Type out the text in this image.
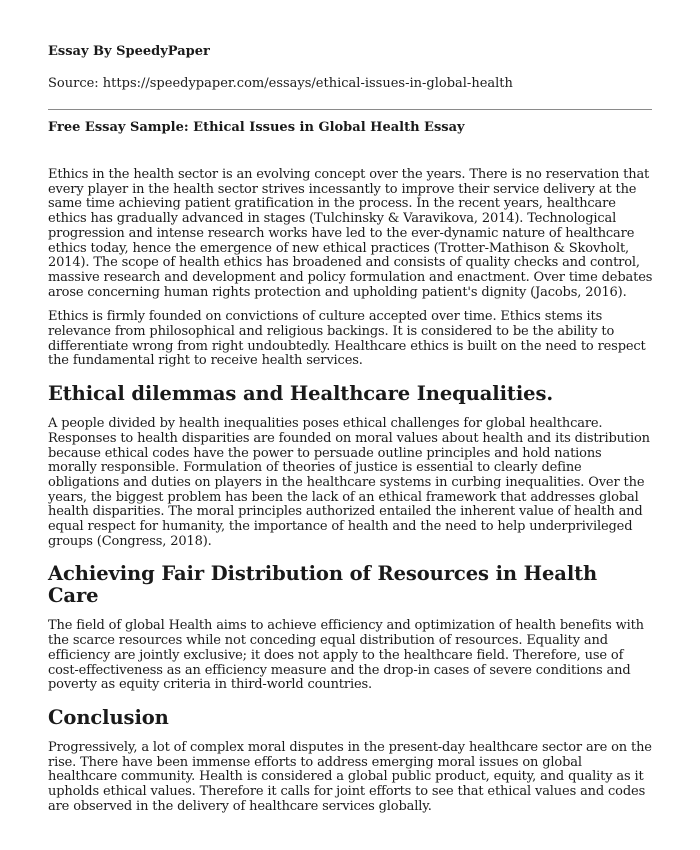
Essay By SpeedyPaper
Source: https://speedypaper.com/essays/ethical-issues-in-global-health
Free Essay Sample: Ethical Issues in Global Health Essay

Ethics in the health sector is an evolving concept over the years. There is no reservation that every player in the health sector strives incessantly to improve their service delivery at the same time achieving patient gratification in the process. In the recent years, healthcare ethics has gradually advanced in stages (Tulchinsky & Varavikova, 2014). Technological progression and intense research works have led to the ever-dynamic nature of healthcare ethics today, hence the emergence of new ethical practices (Trotter-Mathison & Skovholt, 2014). The scope of health ethics has broadened and consists of quality checks and control, massive research and development and policy formulation and enactment. Over time debates arose concerning human rights protection and upholding patient's dignity (Jacobs, 2016).

Ethics is firmly founded on convictions of culture accepted over time. Ethics stems its relevance from philosophical and religious backings. It is considered to be the ability to differentiate wrong from right undoubtedly. Healthcare ethics is built on the need to respect the fundamental right to receive health services.

Ethical dilemmas and Healthcare Inequalities.

A people divided by health inequalities poses ethical challenges for global healthcare. Responses to health disparities are founded on moral values about health and its distribution because ethical codes have the power to persuade outline principles and hold nations morally responsible. Formulation of theories of justice is essential to clearly define obligations and duties on players in the healthcare systems in curbing inequalities. Over the years, the biggest problem has been the lack of an ethical framework that addresses global health disparities. The moral principles authorized entailed the inherent value of health and equal respect for humanity, the importance of health and the need to help underprivileged groups (Congress, 2018).

Achieving Fair Distribution of Resources in Health Care

The field of global Health aims to achieve efficiency and optimization of health benefits with the scarce resources while not conceding equal distribution of resources. Equality and efficiency are jointly exclusive; it does not apply to the healthcare field. Therefore, use of cost-effectiveness as an efficiency measure and the drop-in cases of severe conditions and poverty as equity criteria in third-world countries.

Conclusion

Progressively, a lot of complex moral disputes in the present-day healthcare sector are on the rise. There have been immense efforts to address emerging moral issues on global healthcare community. Health is considered a global public product, equity, and quality as it upholds ethical values. Therefore it calls for joint efforts to see that ethical values and codes are observed in the delivery of healthcare services globally.
